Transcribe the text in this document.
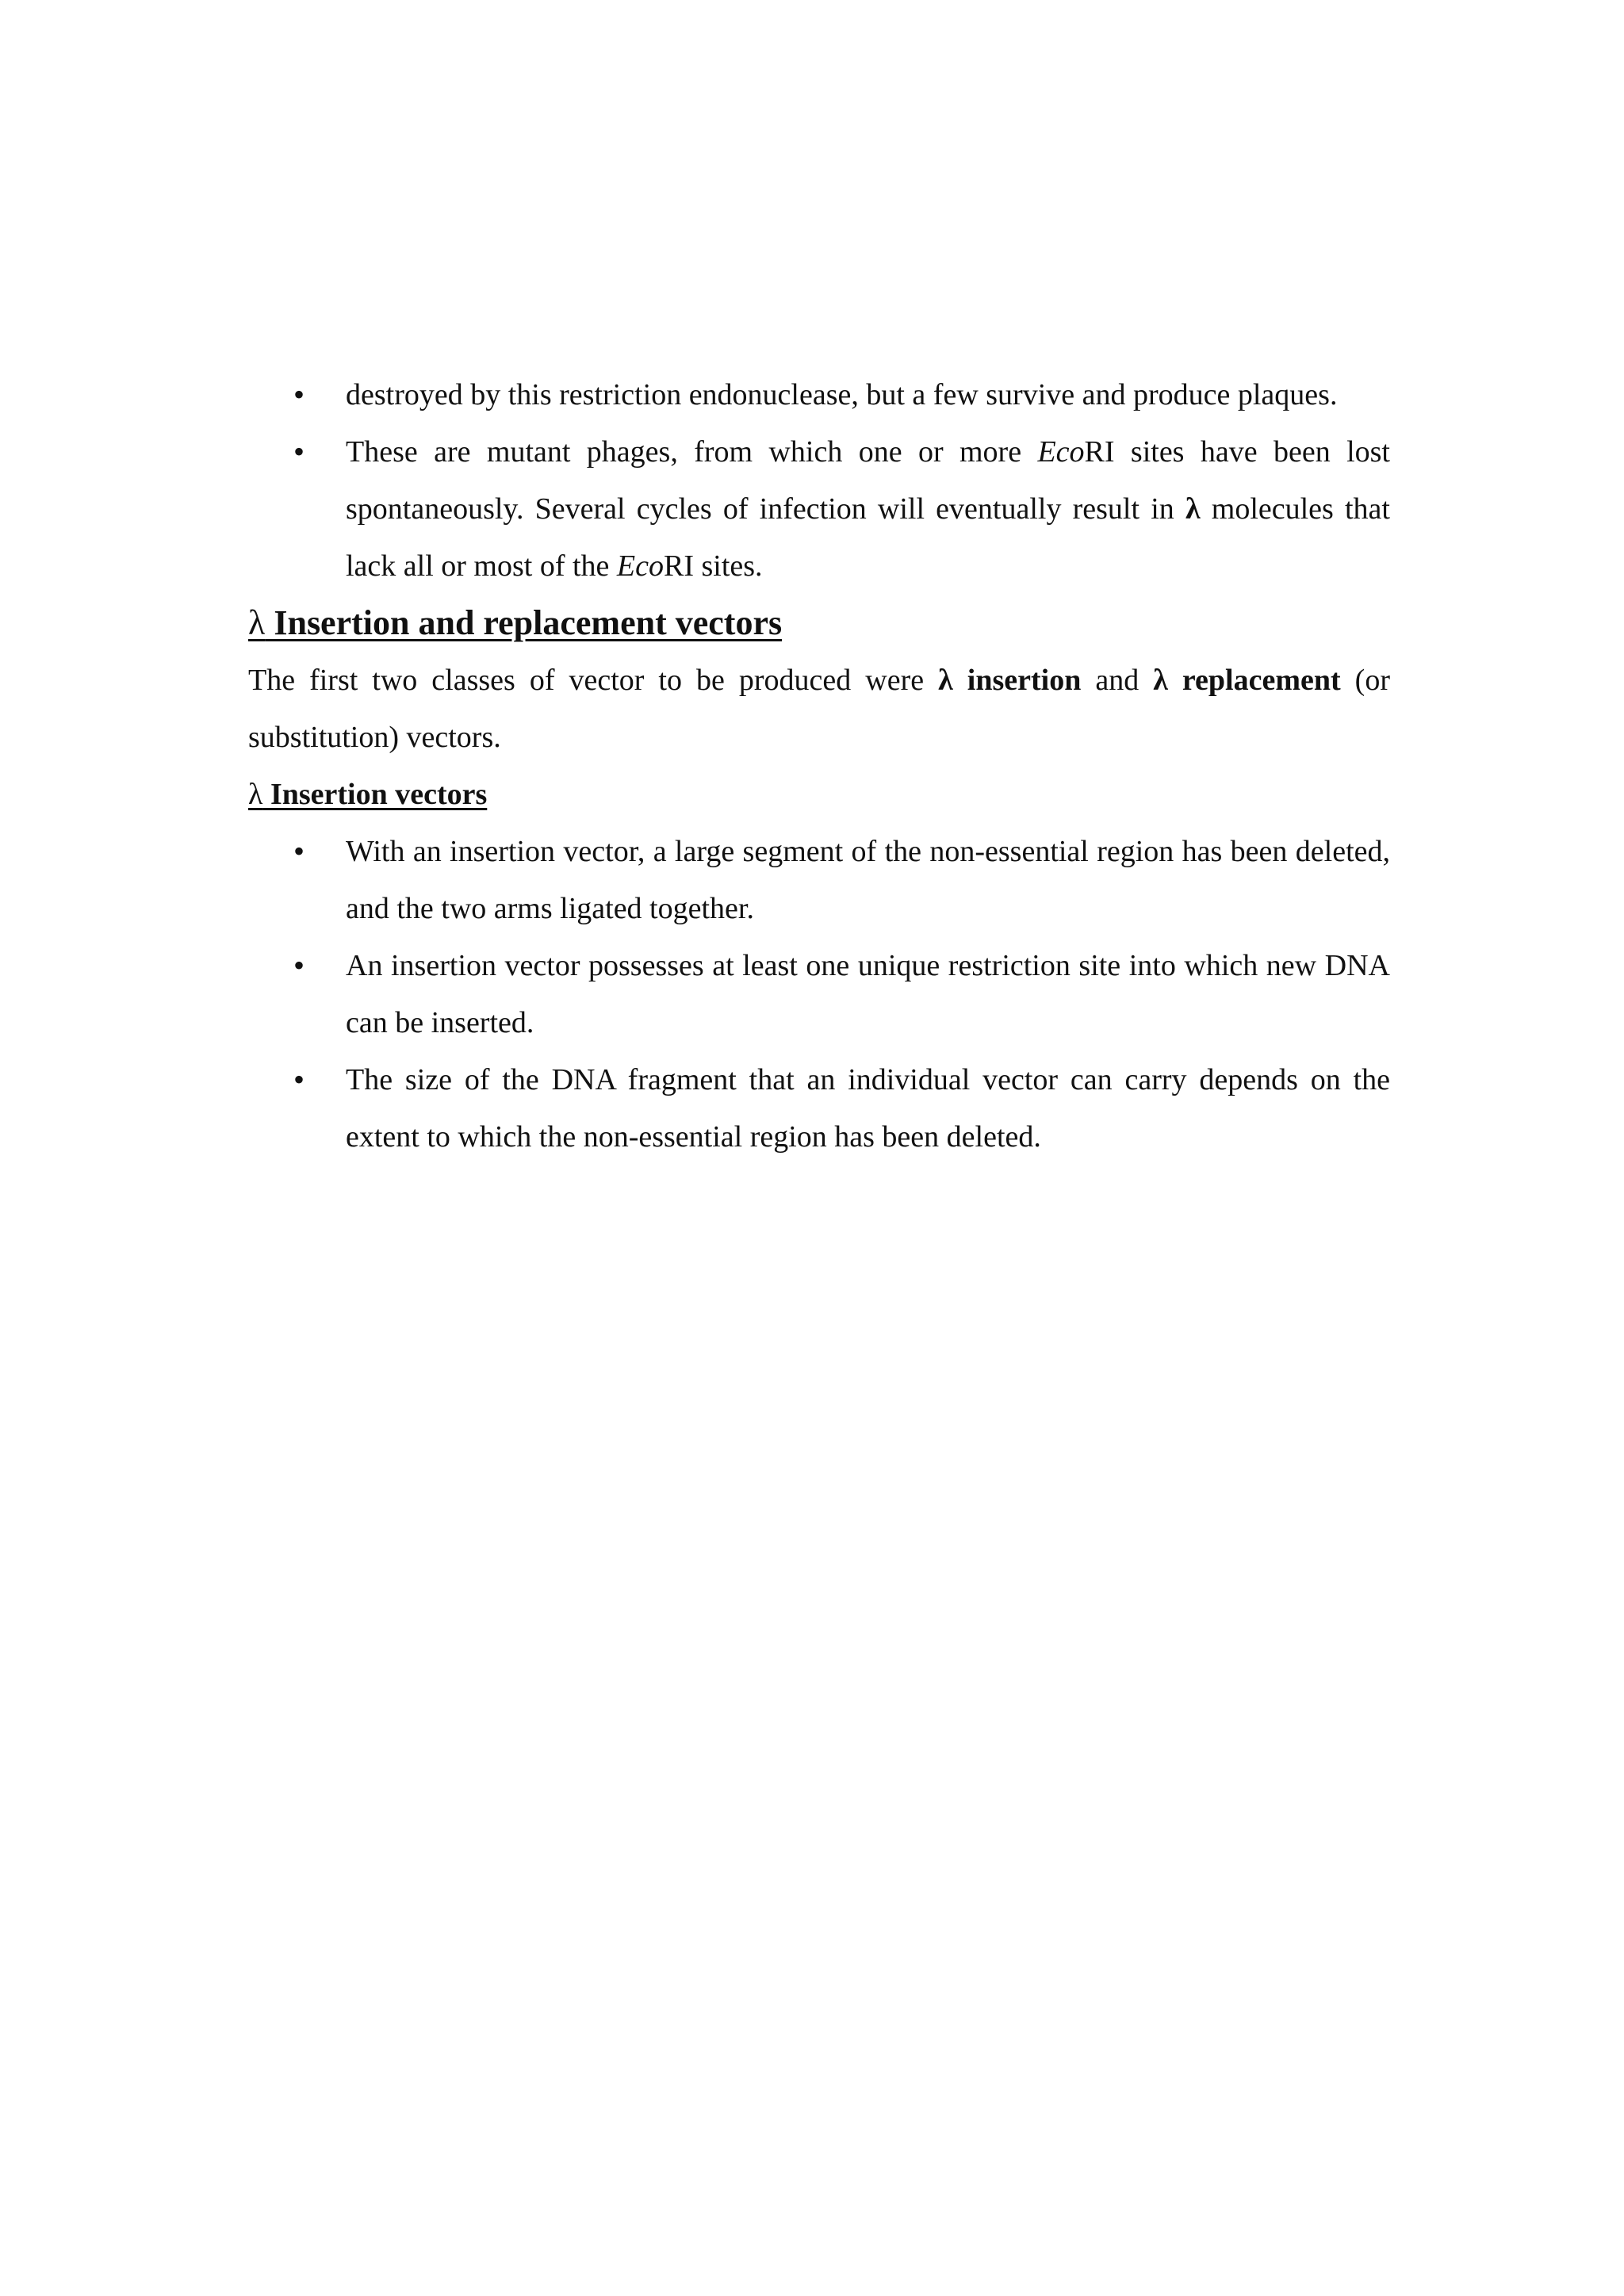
•	destroyed by this restriction endonuclease, but a few survive and produce plaques.
•	These are mutant phages, from which one or more EcoRI sites have been lost spontaneously. Several cycles of infection will eventually result in λ molecules that lack all or most of the EcoRI sites.
λ Insertion and replacement vectors

The first two classes of vector to be produced were λ insertion and λ replacement (or substitution) vectors.

λ Insertion vectors
•	With an insertion vector, a large segment of the non-essential region has been deleted, and the two arms ligated together.
•	An insertion vector possesses at least one unique restriction site into which new DNA can be inserted.
•	The size of the DNA fragment that an individual vector can carry depends on the extent to which the non-essential region has been deleted.
